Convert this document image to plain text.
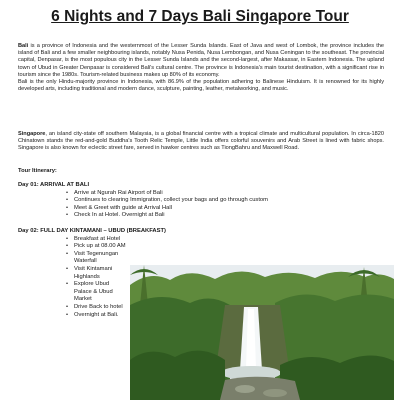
6 Nights and 7 Days Bali Singapore Tour
Bali is a province of Indonesia and the westernmost of the Lesser Sunda Islands. East of Java and west of Lombok, the province includes the island of Bali and a few smaller neighbouring islands, notably Nusa Penida, Nusa Lembongan, and Nusa Ceningan to the southeast. The provincial capital, Denpasar, is the most populous city in the Lesser Sunda Islands and the second-largest, after Makassar, in Eastern Indonesia. The upland town of Ubud in Greater Denpasar is considered Bali's cultural centre. The province is Indonesia's main tourist destination, with a significant rise in tourism since the 1980s. Tourism-related business makes up 80% of its economy.
Bali is the only Hindu-majority province in Indonesia, with 86.9% of the population adhering to Balinese Hinduism. It is renowned for its highly developed arts, including traditional and modern dance, sculpture, painting, leather, metalworking, and music.
Singapore, an island city-state off southern Malaysia, is a global financial centre with a tropical climate and multicultural population. In circa-1820 Chinatown stands the red-and-gold Buddha's Tooth Relic Temple, Little India offers colorful souvenirs and Arab Street is lined with fabric shops. Singapore is also known for eclectic street fare, served in hawker centres such as TiongBahru and Maxwell Road.
Tour Itinerary:
Day 01: ARRIVAL AT BALI
• Arrive at Ngurah Rai Airport of Bali
• Continues to clearing Immigration, collect your bags and go through custom
• Meet & Greet with guide at Arrival Hall
• Check In at Hotel. Overnight at Bali
Day 02: FULL DAY KINTAMANI – UBUD (BREAKFAST)
• Breakfast at Hotel
• Pick up at 08.00 AM
• Visit Tegenungan Waterfall
• Visit Kintamani Highlands
• Explore Ubud Palace & Ubud Market
• Drive Back to hotel
• Overnight at Bali.
